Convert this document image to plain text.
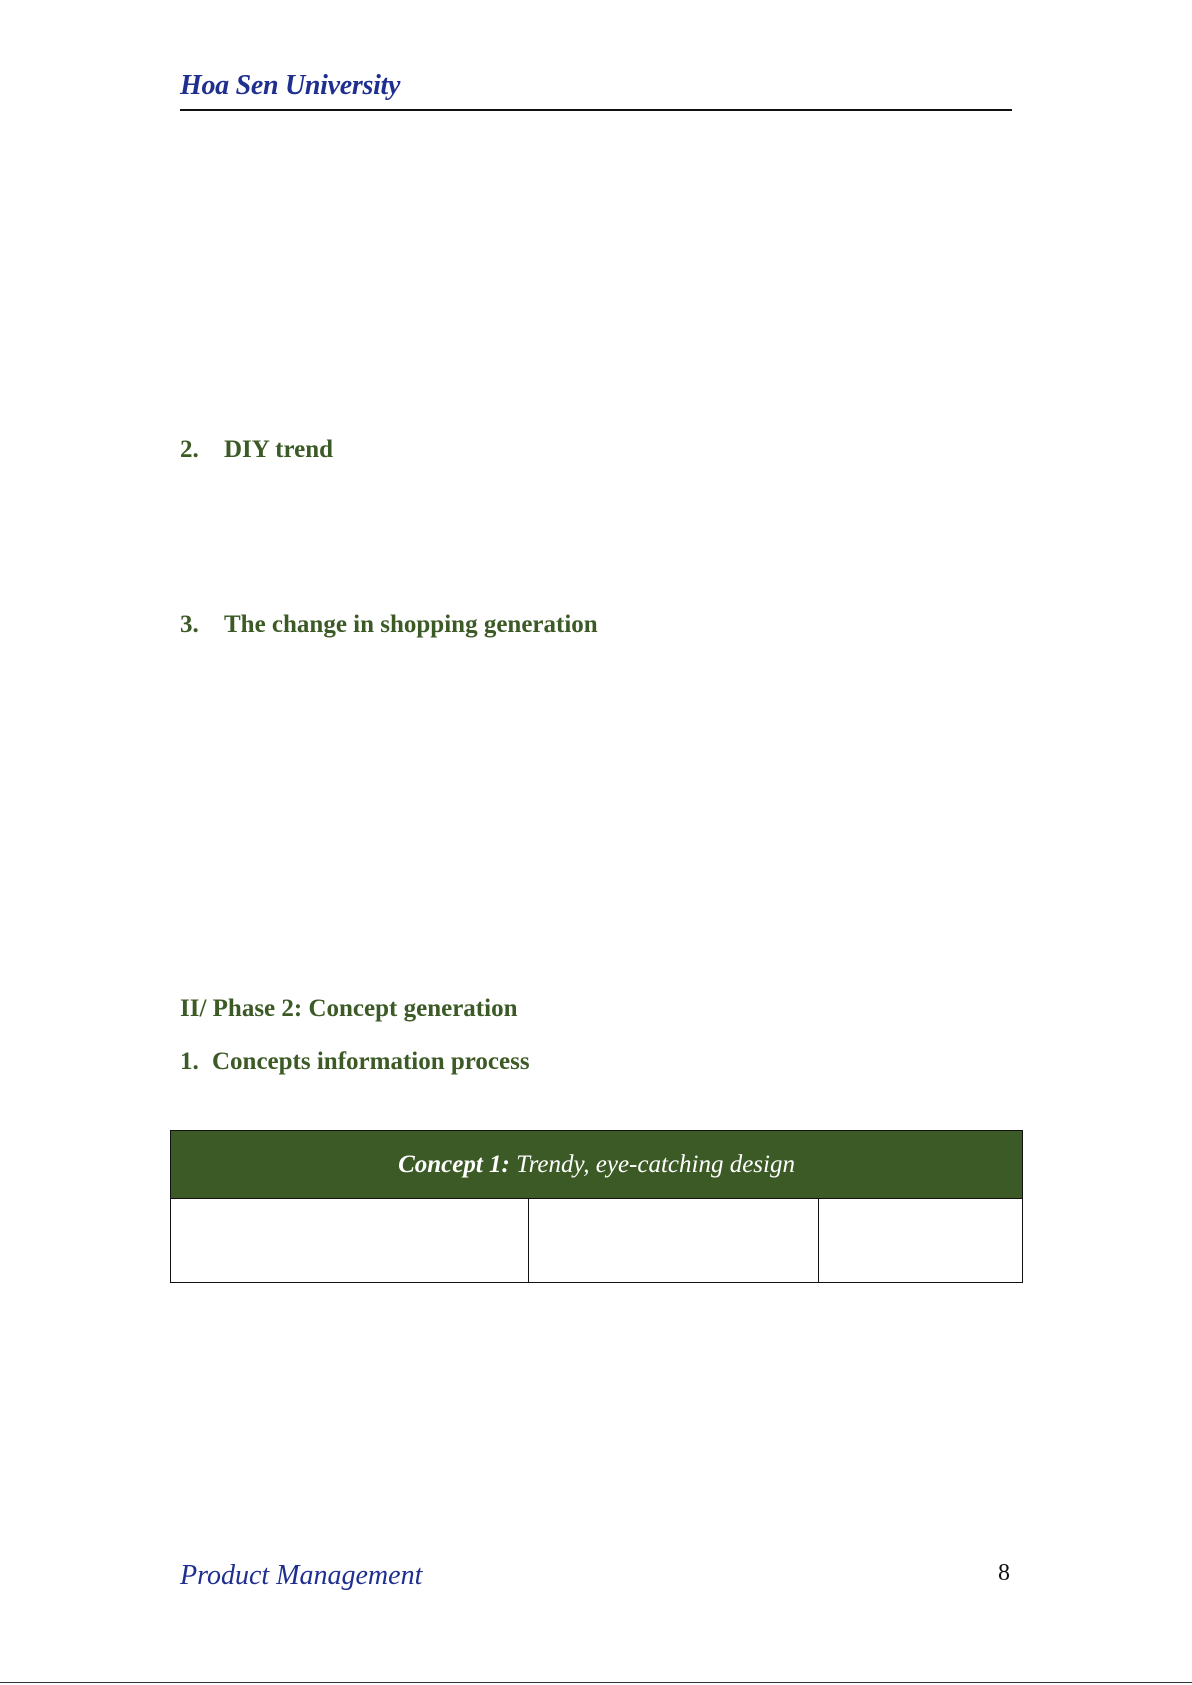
Hoa Sen University
2. DIY trend
3. The change in shopping generation
II/ Phase 2: Concept generation
1. Concepts information process
Concept 1: Trendy, eye-catching design

Product Management	8
